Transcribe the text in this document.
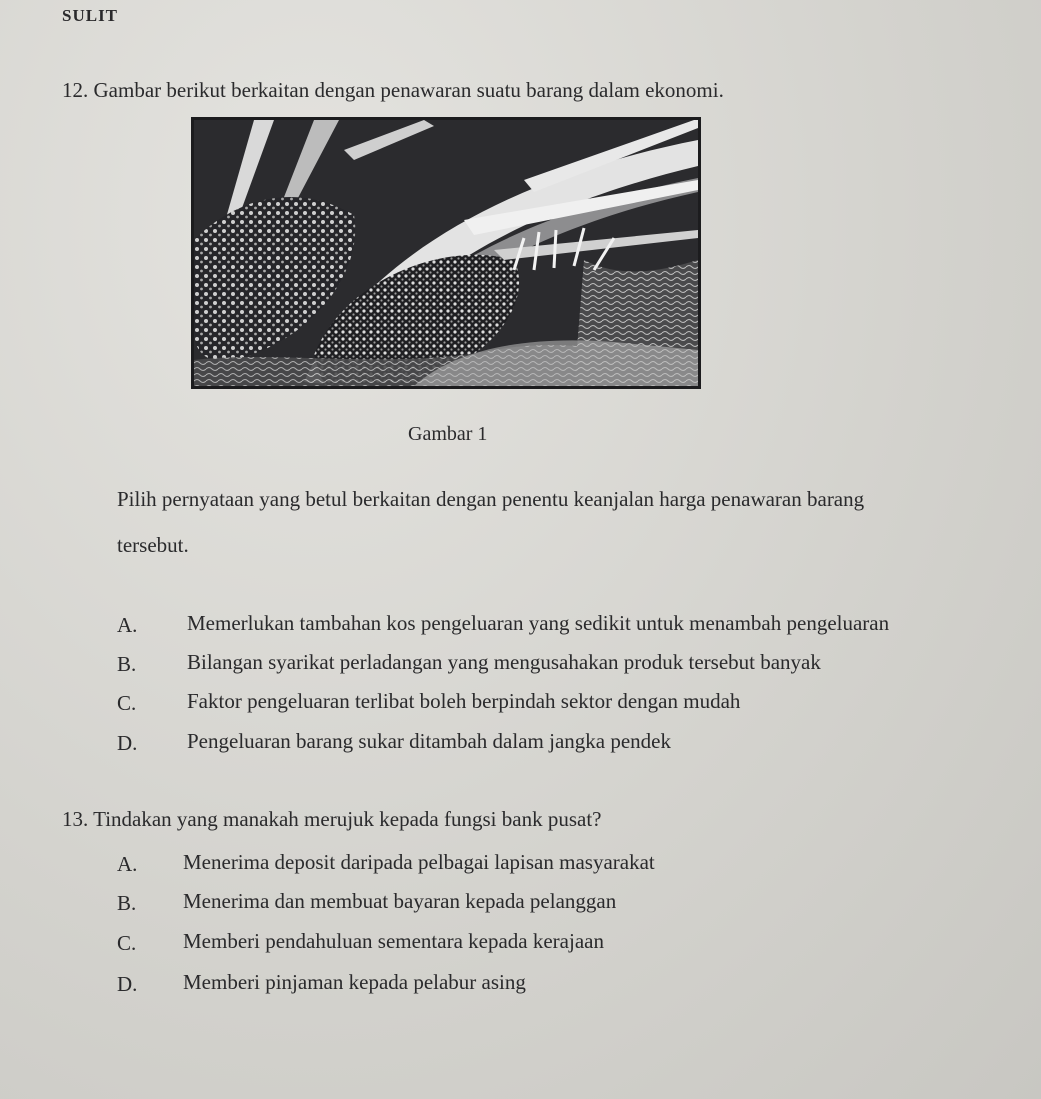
SULIT
12. Gambar berikut berkaitan dengan penawaran suatu barang dalam ekonomi.
Gambar 1
Pilih pernyataan yang betul berkaitan dengan penentu keanjalan harga penawaran barang
tersebut.
A. Memerlukan tambahan kos pengeluaran yang sedikit untuk menambah pengeluaran
B. Bilangan syarikat perladangan yang mengusahakan produk tersebut banyak
C. Faktor pengeluaran terlibat boleh berpindah sektor dengan mudah
D. Pengeluaran barang sukar ditambah dalam jangka pendek
13. Tindakan yang manakah merujuk kepada fungsi bank pusat?
A. Menerima deposit daripada pelbagai lapisan masyarakat
B. Menerima dan membuat bayaran kepada pelanggan
C. Memberi pendahuluan sementara kepada kerajaan
D. Memberi pinjaman kepada pelabur asing
